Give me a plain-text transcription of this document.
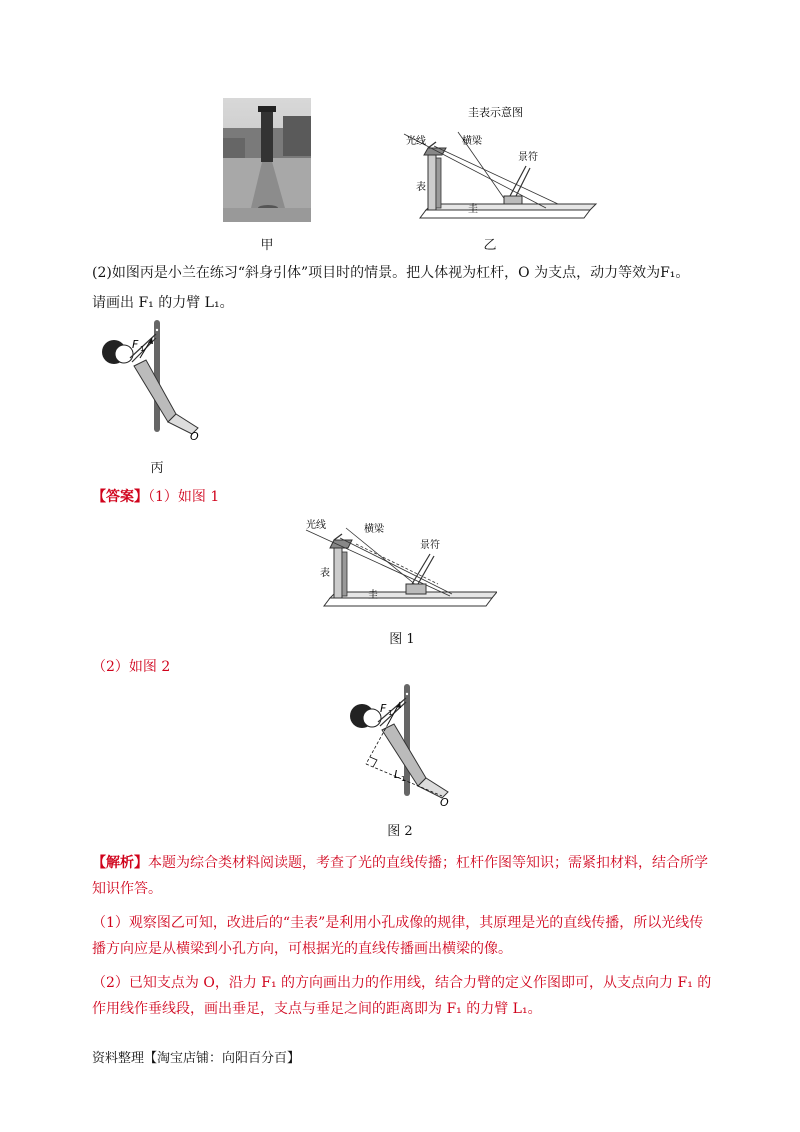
甲
圭表示意图
光线	横梁
景符
表
圭
乙
(2)如图丙是小兰在练习“斜身引体”项目时的情景。把人体视为杠杆，O 为支点，动力等效为F₁。
请画出 F₁ 的力臂 L₁。
F 1
O
丙
【答案】（1）如图 1
光线	横梁
景符
表
圭
图 1
（2）如图 2
F 1
L 1
O
图 2
【解析】本题为综合类材料阅读题，考查了光的直线传播；杠杆作图等知识；需紧扣材料，结合所学知识作答。
（1）观察图乙可知，改进后的“圭表”是利用小孔成像的规律，其原理是光的直线传播，所以光线传播方向应是从横梁到小孔方向，可根据光的直线传播画出横梁的像。
（2）已知支点为 O，沿力 F₁ 的方向画出力的作用线，结合力臂的定义作图即可，从支点向力 F₁ 的作用线作垂线段，画出垂足，支点与垂足之间的距离即为 F₁ 的力臂 L₁。
资料整理【淘宝店铺：向阳百分百】
